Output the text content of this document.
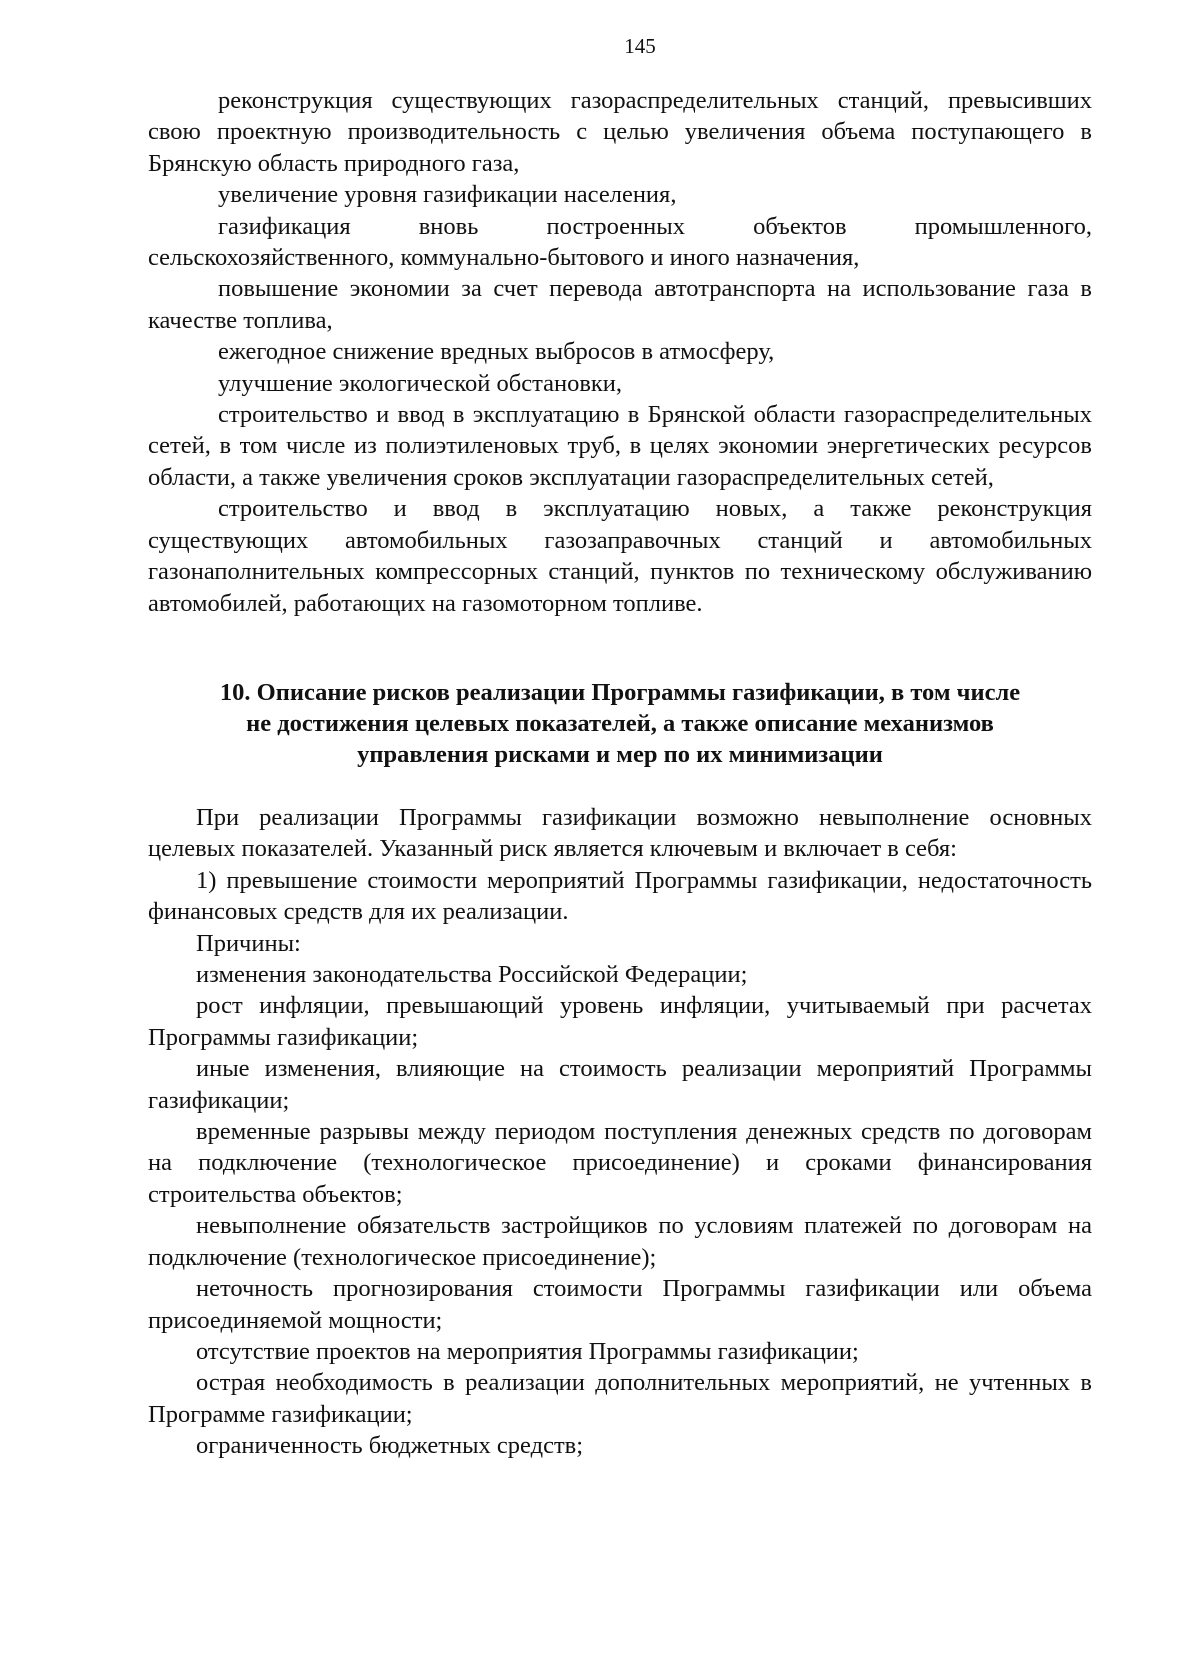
145

реконструкция существующих газораспределительных станций, превысивших свою проектную производительность с целью увеличения объема поступающего в Брянскую область природного газа,

увеличение уровня газификации населения,

газификация вновь построенных объектов промышленного, сельскохозяйственного, коммунально-бытового и иного назначения,

повышение экономии за счет перевода автотранспорта на использование газа в качестве топлива,

ежегодное снижение вредных выбросов в атмосферу,

улучшение экологической обстановки,

строительство и ввод в эксплуатацию в Брянской области газораспределительных сетей, в том числе из полиэтиленовых труб, в целях экономии энергетических ресурсов области, а также увеличения сроков эксплуатации газораспределительных сетей,

строительство и ввод в эксплуатацию новых, а также реконструкция существующих автомобильных газозаправочных станций и автомобильных газонаполнительных компрессорных станций, пунктов по техническому обслуживанию автомобилей, работающих на газомоторном топливе.

10. Описание рисков реализации Программы газификации, в том числе
не достижения целевых показателей, а также описание механизмов
управления рисками и мер по их минимизации

При реализации Программы газификации возможно невыполнение основных целевых показателей. Указанный риск является ключевым и включает в себя:

1) превышение стоимости мероприятий Программы газификации, недостаточность финансовых средств для их реализации.

Причины:

изменения законодательства Российской Федерации;

рост инфляции, превышающий уровень инфляции, учитываемый при расчетах Программы газификации;

иные изменения, влияющие на стоимость реализации мероприятий Программы газификации;

временные разрывы между периодом поступления денежных средств по договорам на подключение (технологическое присоединение) и сроками финансирования строительства объектов;

невыполнение обязательств застройщиков по условиям платежей по договорам на подключение (технологическое присоединение);

неточность прогнозирования стоимости Программы газификации или объема присоединяемой мощности;

отсутствие проектов на мероприятия Программы газификации;

острая необходимость в реализации дополнительных мероприятий, не учтенных в Программе газификации;

ограниченность бюджетных средств;
